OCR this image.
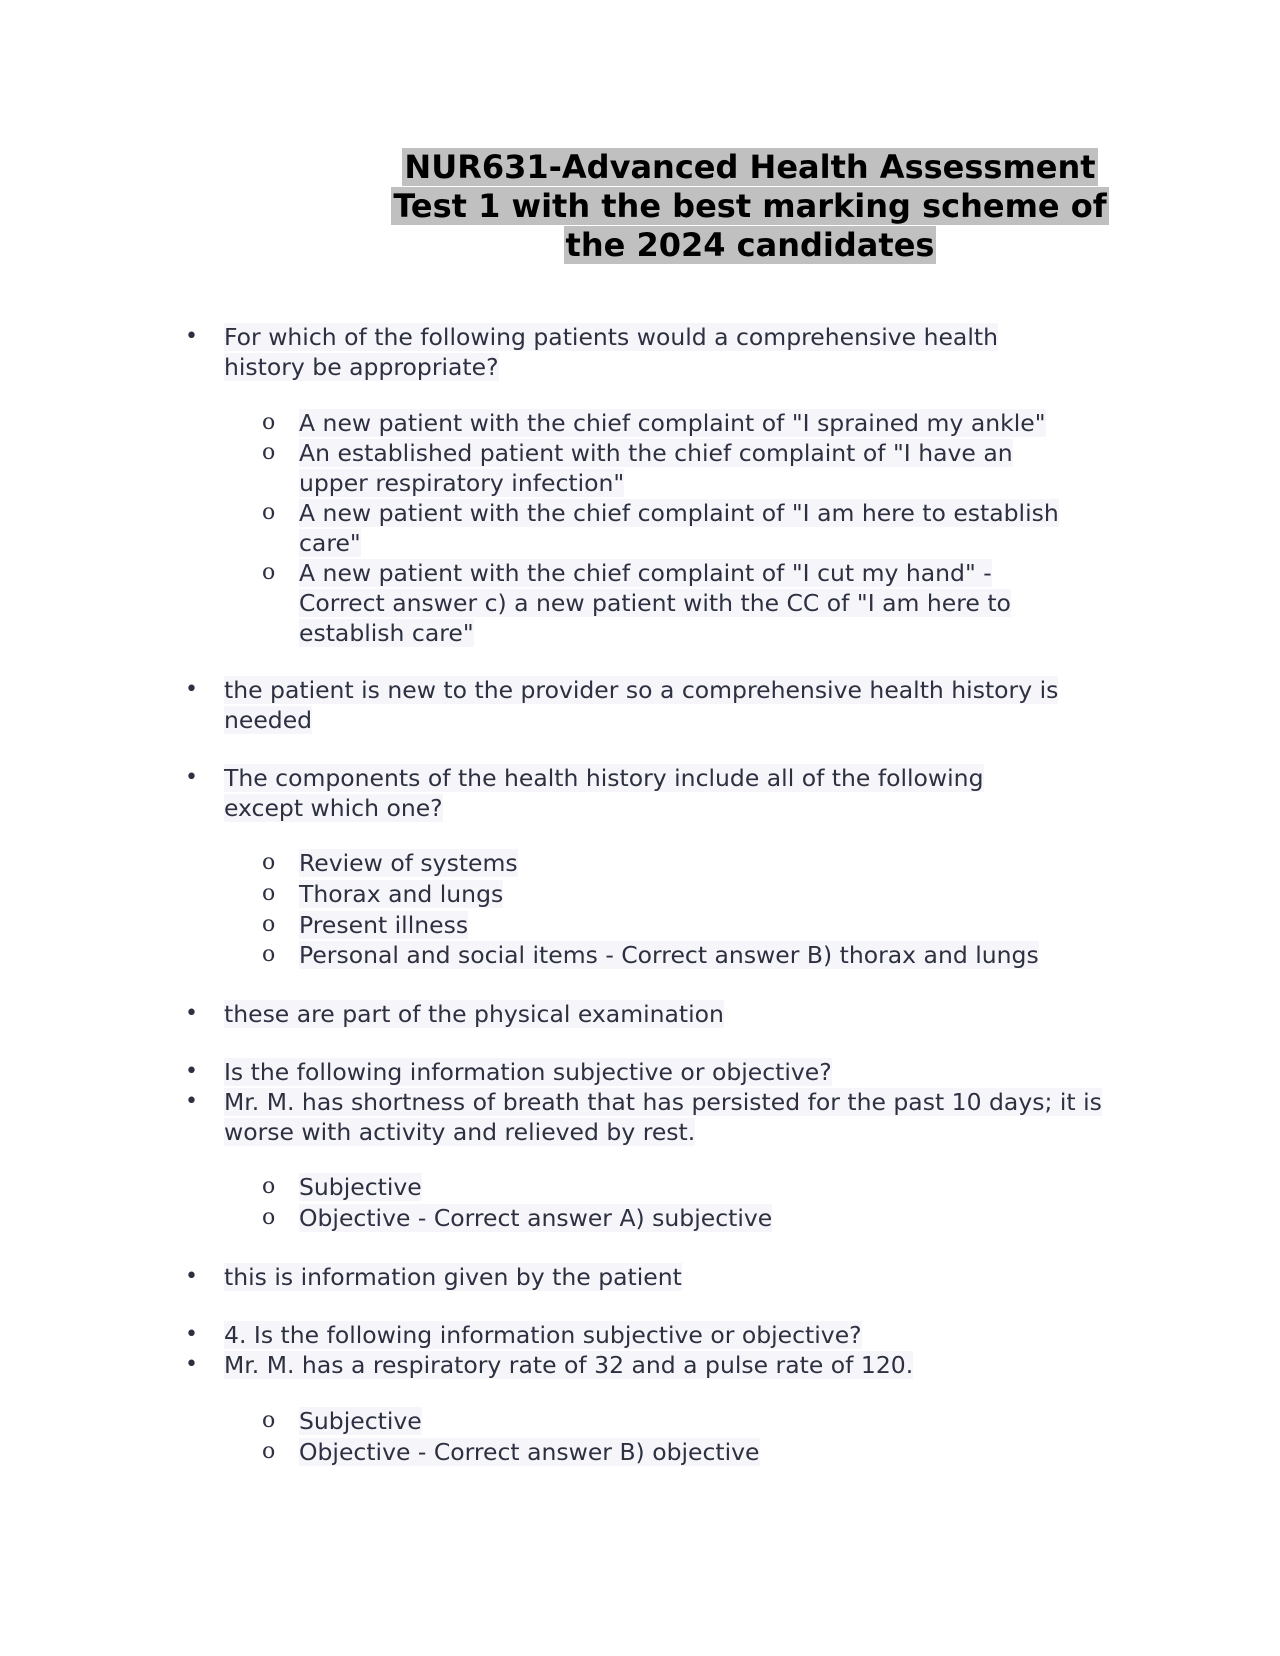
NUR631-Advanced Health Assessment
Test 1 with the best marking scheme of
the 2024 candidates
• For which of the following patients would a comprehensive health history be appropriate?
o A new patient with the chief complaint of "I sprained my ankle"
o An established patient with the chief complaint of "I have an upper respiratory infection"
o A new patient with the chief complaint of "I am here to establish care"
o A new patient with the chief complaint of "I cut my hand" - Correct answer c) a new patient with the CC of "I am here to establish care"
• the patient is new to the provider so a comprehensive health history is needed
• The components of the health history include all of the following except which one?
o Review of systems
o Thorax and lungs
o Present illness
o Personal and social items - Correct answer B) thorax and lungs
• these are part of the physical examination
• Is the following information subjective or objective?
• Mr. M. has shortness of breath that has persisted for the past 10 days; it is worse with activity and relieved by rest.
o Subjective
o Objective - Correct answer A) subjective
• this is information given by the patient
• 4. Is the following information subjective or objective?
• Mr. M. has a respiratory rate of 32 and a pulse rate of 120.
o Subjective
o Objective - Correct answer B) objective
